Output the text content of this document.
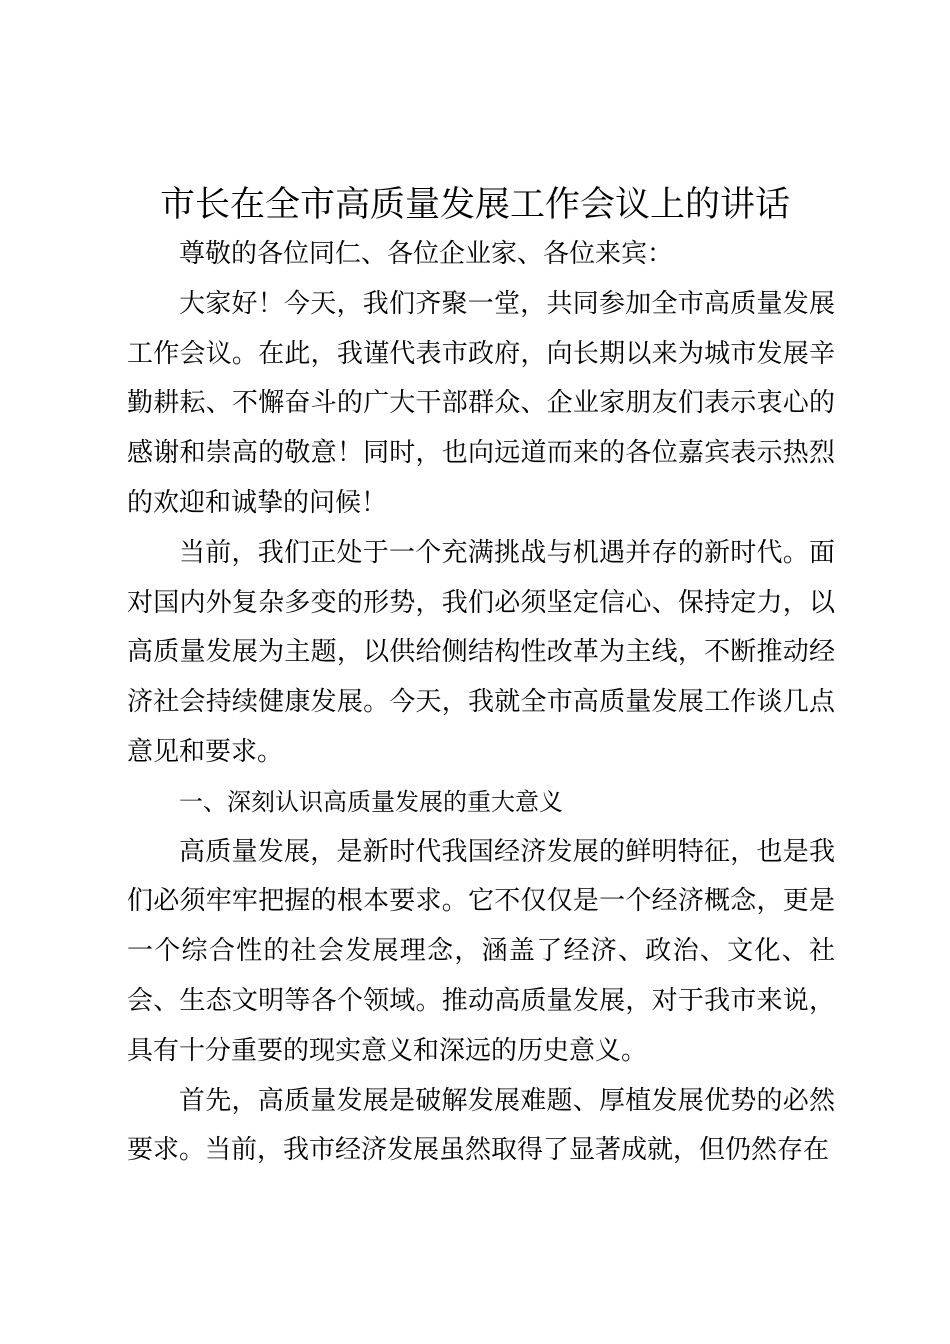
市长在全市高质量发展工作会议上的讲话

尊敬的各位同仁、各位企业家、各位来宾：

大家好！今天，我们齐聚一堂，共同参加全市高质量发展工作会议。在此，我谨代表市政府，向长期以来为城市发展辛勤耕耘、不懈奋斗的广大干部群众、企业家朋友们表示衷心的感谢和崇高的敬意！同时，也向远道而来的各位嘉宾表示热烈的欢迎和诚挚的问候！

当前，我们正处于一个充满挑战与机遇并存的新时代。面对国内外复杂多变的形势，我们必须坚定信心、保持定力，以高质量发展为主题，以供给侧结构性改革为主线，不断推动经济社会持续健康发展。今天，我就全市高质量发展工作谈几点意见和要求。

一、深刻认识高质量发展的重大意义

高质量发展，是新时代我国经济发展的鲜明特征，也是我们必须牢牢把握的根本要求。它不仅仅是一个经济概念，更是一个综合性的社会发展理念，涵盖了经济、政治、文化、社会、生态文明等各个领域。推动高质量发展，对于我市来说，具有十分重要的现实意义和深远的历史意义。

首先，高质量发展是破解发展难题、厚植发展优势的必然要求。当前，我市经济发展虽然取得了显著成就，但仍然存在
